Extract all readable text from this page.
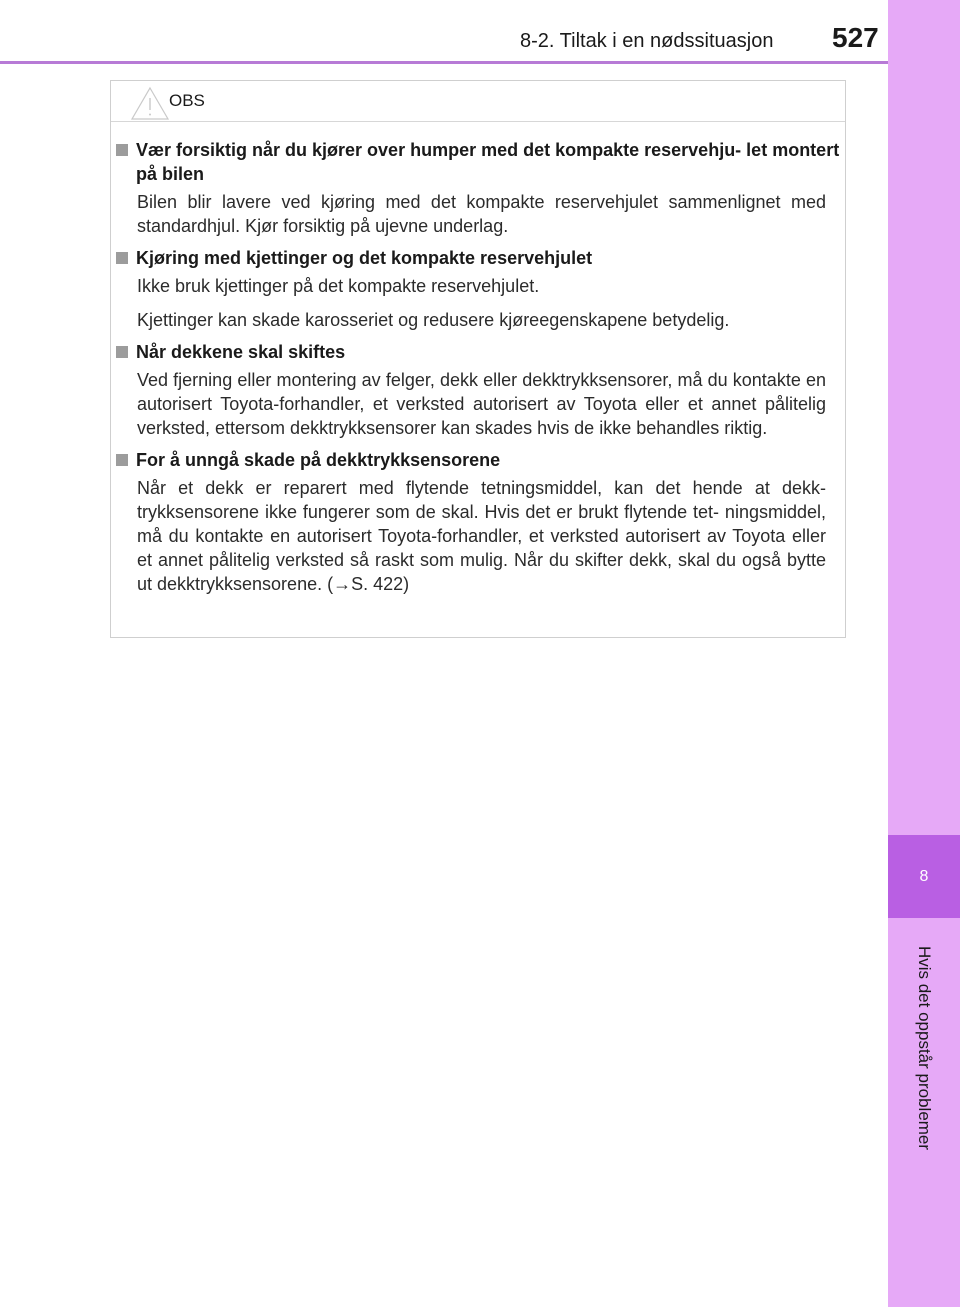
8-2. Tiltak i en nødssituasjon 527
8
Hvis det oppstår problemer
OBS
Vær forsiktig når du kjører over humper med det kompakte reservehju- let montert på bilen
Bilen blir lavere ved kjøring med det kompakte reservehjulet sammenlignet med standardhjul. Kjør forsiktig på ujevne underlag.
Kjøring med kjettinger og det kompakte reservehjulet
Ikke bruk kjettinger på det kompakte reservehjulet.
Kjettinger kan skade karosseriet og redusere kjøreegenskapene betydelig.
Når dekkene skal skiftes
Ved fjerning eller montering av felger, dekk eller dekktrykksensorer, må du kontakte en autorisert Toyota-forhandler, et verksted autorisert av Toyota eller et annet pålitelig verksted, ettersom dekktrykksensorer kan skades hvis de ikke behandles riktig.
For å unngå skade på dekktrykksensorene
Når et dekk er reparert med flytende tetningsmiddel, kan det hende at dekk- trykksensorene ikke fungerer som de skal. Hvis det er brukt flytende tet- ningsmiddel, må du kontakte en autorisert Toyota-forhandler, et verksted autorisert av Toyota eller et annet pålitelig verksted så raskt som mulig. Når du skifter dekk, skal du også bytte ut dekktrykksensorene. (→S. 422)
